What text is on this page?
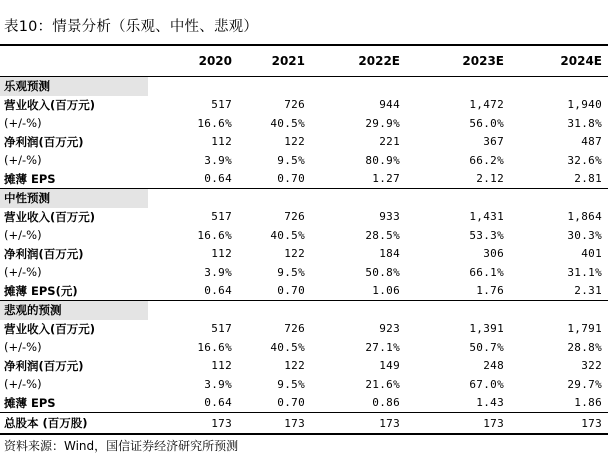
表10：情景分析（乐观、中性、悲观）
2020	2021	2022E	2023E	2024E
乐观预测
营业收入(百万元)	517	726	944	1,472	1,940
(+/-%)	16.6%	40.5%	29.9%	56.0%	31.8%
净利润(百万元)	112	122	221	367	487
(+/-%)	3.9%	9.5%	80.9%	66.2%	32.6%
摊薄 EPS	0.64	0.70	1.27	2.12	2.81
中性预测
营业收入(百万元)	517	726	933	1,431	1,864
(+/-%)	16.6%	40.5%	28.5%	53.3%	30.3%
净利润(百万元)	112	122	184	306	401
(+/-%)	3.9%	9.5%	50.8%	66.1%	31.1%
摊薄 EPS(元)	0.64	0.70	1.06	1.76	2.31
悲观的预测
营业收入(百万元)	517	726	923	1,391	1,791
(+/-%)	16.6%	40.5%	27.1%	50.7%	28.8%
净利润(百万元)	112	122	149	248	322
(+/-%)	3.9%	9.5%	21.6%	67.0%	29.7%
摊薄 EPS	0.64	0.70	0.86	1.43	1.86
总股本 (百万股)	173	173	173	173	173
资料来源：Wind，国信证券经济研究所预测
